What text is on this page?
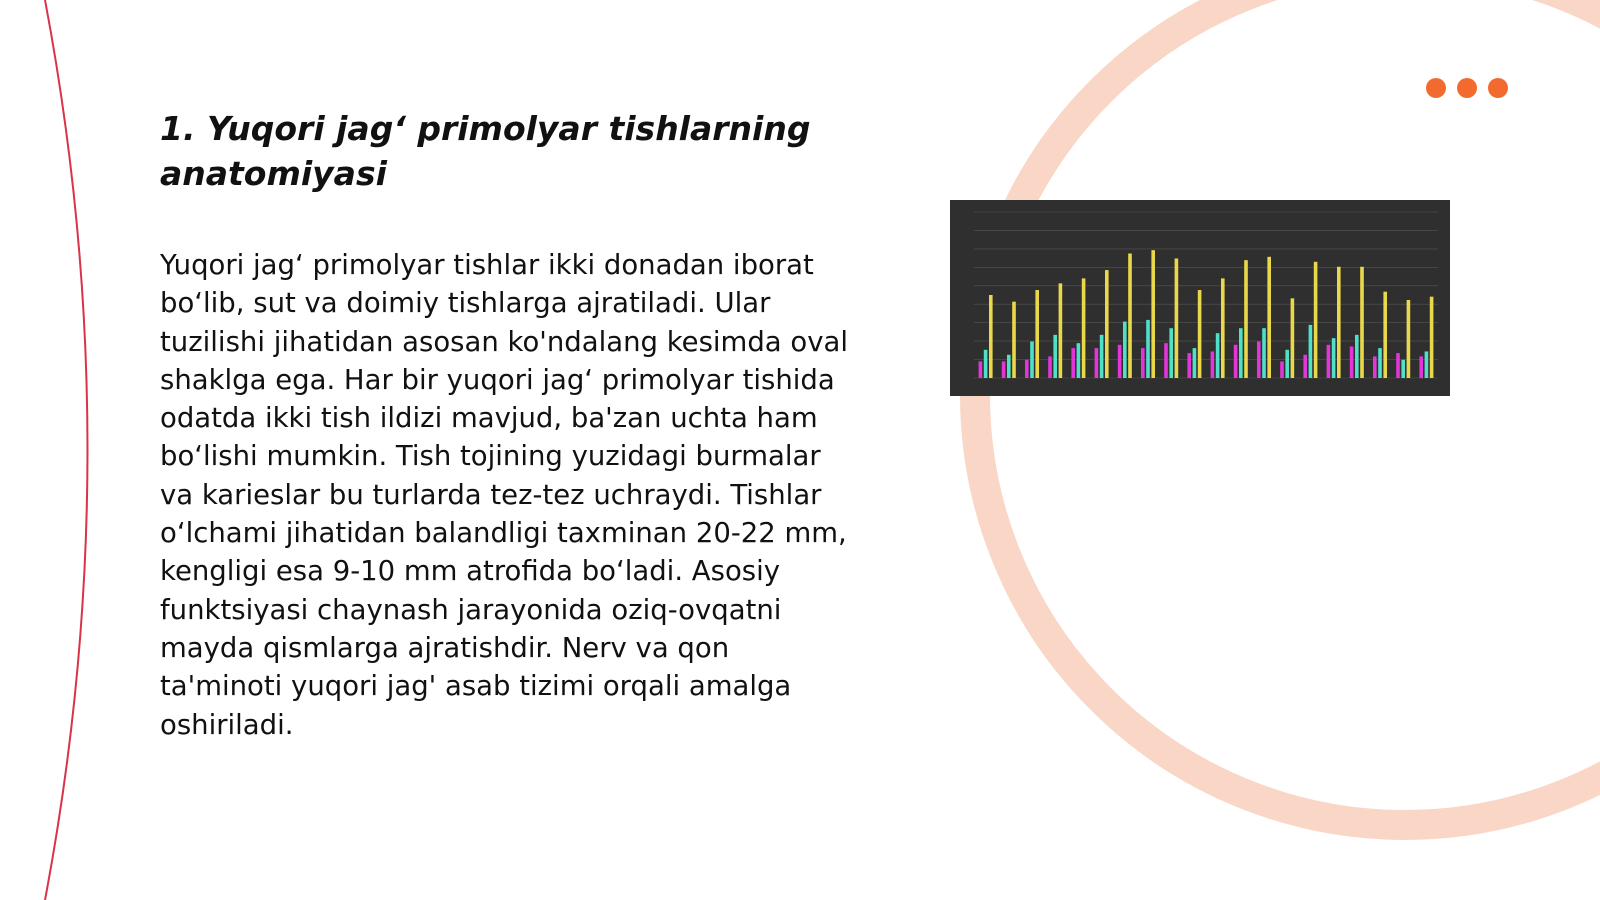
1. Yuqori jag‘ primolyar tishlarning anatomiyasi

Yuqori jag‘ primolyar tishlar ikki donadan iborat bo‘lib, sut va doimiy tishlarga ajratiladi. Ular tuzilishi jihatidan asosan ko'ndalang kesimda oval shaklga ega. Har bir yuqori jag‘ primolyar tishida odatda ikki tish ildizi mavjud, ba'zan uchta ham bo‘lishi mumkin. Tish tojining yuzidagi burmalar va karieslar bu turlarda tez-tez uchraydi. Tishlar o‘lchami jihatidan balandligi taxminan 20-22 mm, kengligi esa 9-10 mm atrofida bo‘ladi. Asosiy funktsiyasi chaynash jarayonida oziq-ovqatni mayda qismlarga ajratishdir. Nerv va qon ta'minoti yuqori jag' asab tizimi orqali amalga oshiriladi.
